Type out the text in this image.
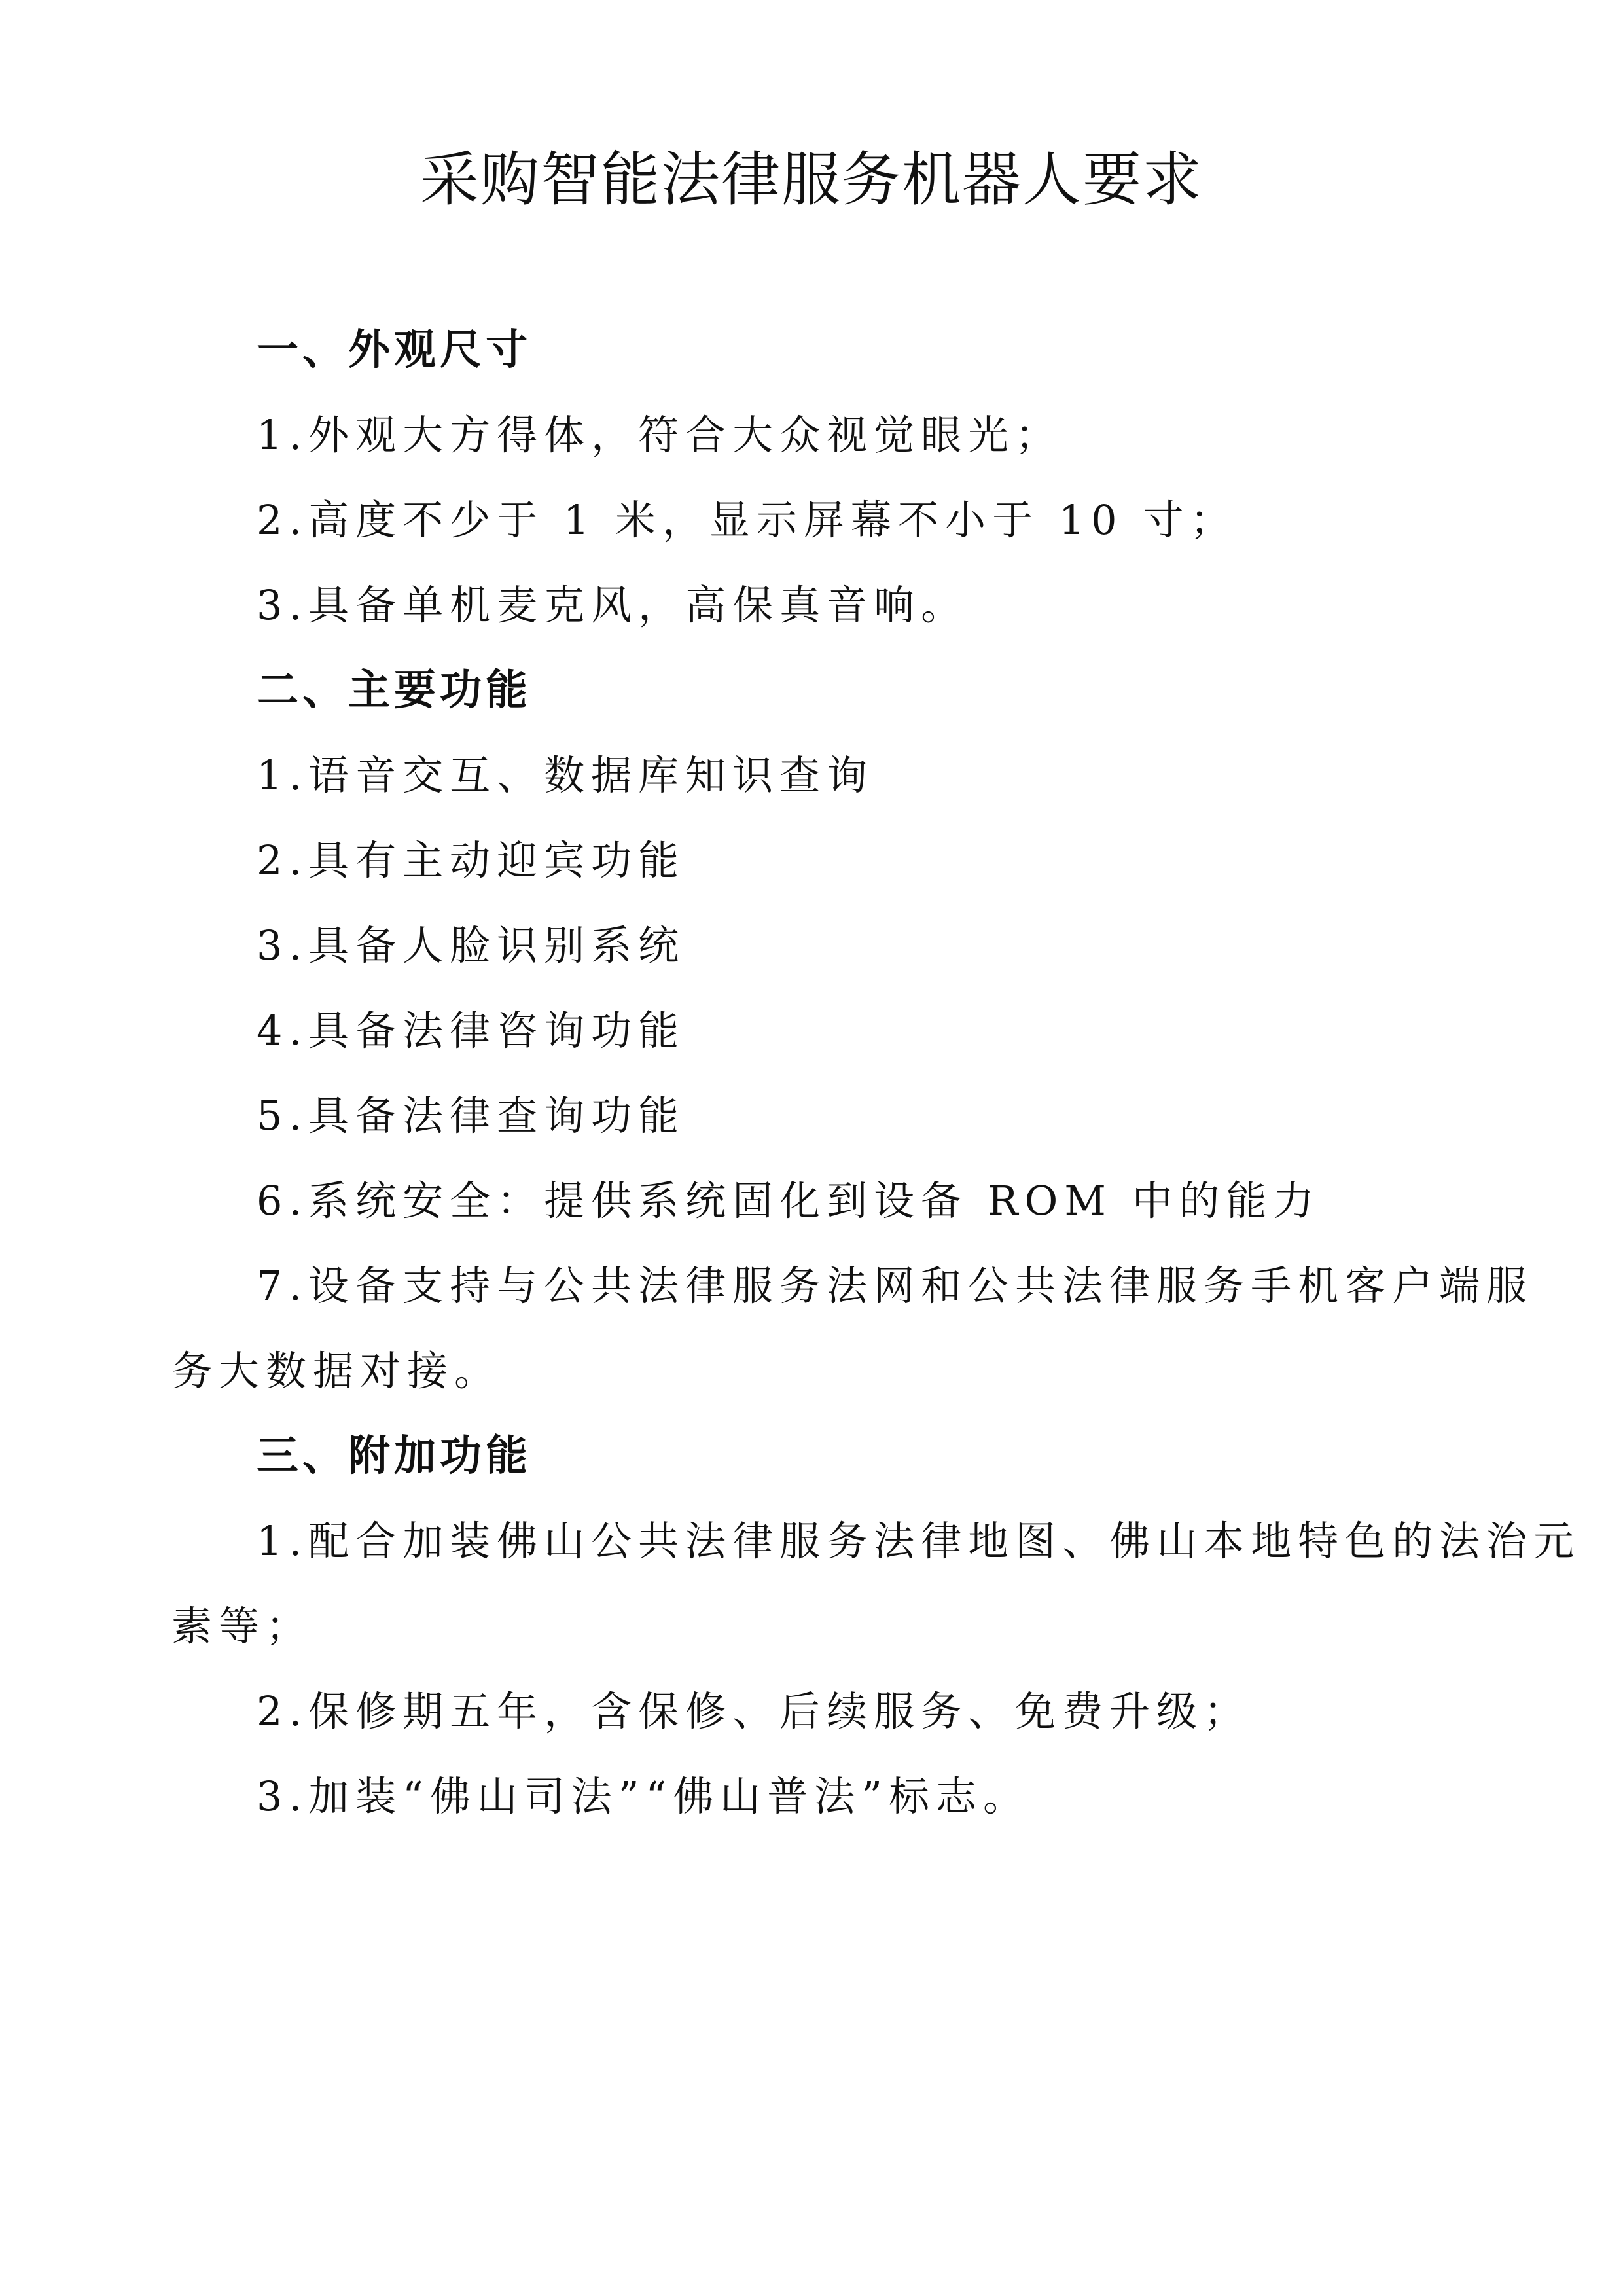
采购智能法律服务机器人要求

一、外观尺寸

1.外观大方得体，符合大众视觉眼光；

2.高度不少于 1 米，显示屏幕不小于 10 寸；

3.具备单机麦克风，高保真音响。

二、主要功能

1.语音交互、数据库知识查询

2.具有主动迎宾功能

3.具备人脸识别系统

4.具备法律咨询功能

5.具备法律查询功能

6.系统安全：提供系统固化到设备 ROM 中的能力

7.设备支持与公共法律服务法网和公共法律服务手机客户端服

务大数据对接。

三、附加功能

1.配合加装佛山公共法律服务法律地图、佛山本地特色的法治元

素等；

2.保修期五年，含保修、后续服务、免费升级；

3.加装“佛山司法”“佛山普法”标志。
